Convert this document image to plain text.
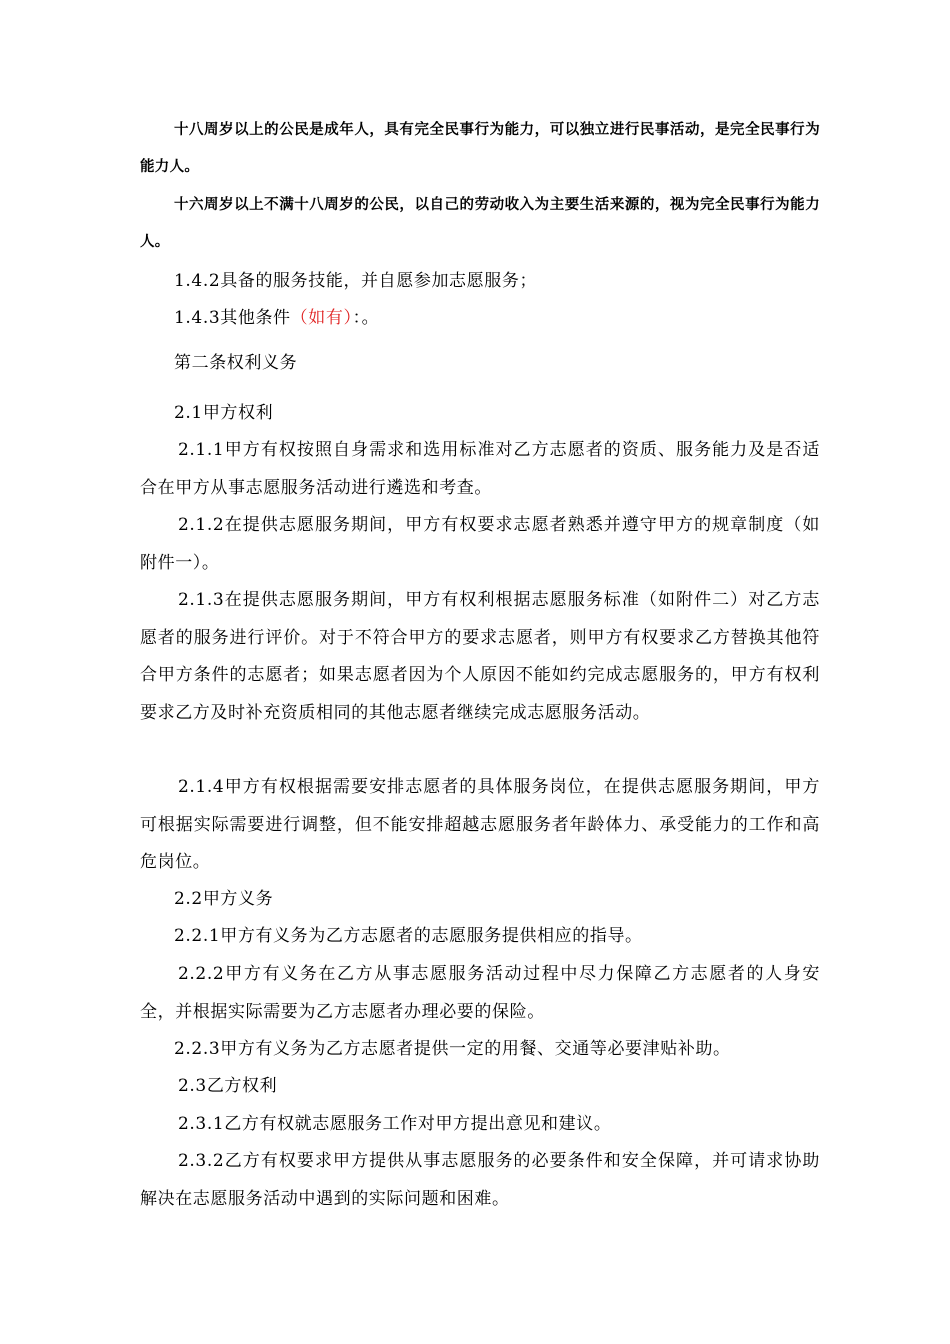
十八周岁以上的公民是成年人，具有完全民事行为能力，可以独立进行民事活动，是完全民事行为能力人。

十六周岁以上不满十八周岁的公民，以自己的劳动收入为主要生活来源的，视为完全民事行为能力人。

1.4.2具备的服务技能，并自愿参加志愿服务；

1.4.3其他条件（如有）：。

第二条权利义务

2.1甲方权利

2.1.1甲方有权按照自身需求和选用标准对乙方志愿者的资质、服务能力及是否适合在甲方从事志愿服务活动进行遴选和考查。

2.1.2在提供志愿服务期间，甲方有权要求志愿者熟悉并遵守甲方的规章制度（如附件一）。

2.1.3在提供志愿服务期间，甲方有权利根据志愿服务标准（如附件二）对乙方志愿者的服务进行评价。对于不符合甲方的要求志愿者，则甲方有权要求乙方替换其他符合甲方条件的志愿者；如果志愿者因为个人原因不能如约完成志愿服务的，甲方有权利要求乙方及时补充资质相同的其他志愿者继续完成志愿服务活动。

2.1.4甲方有权根据需要安排志愿者的具体服务岗位，在提供志愿服务期间，甲方可根据实际需要进行调整，但不能安排超越志愿服务者年龄体力、承受能力的工作和高危岗位。

2.2甲方义务

2.2.1甲方有义务为乙方志愿者的志愿服务提供相应的指导。

2.2.2甲方有义务在乙方从事志愿服务活动过程中尽力保障乙方志愿者的人身安全，并根据实际需要为乙方志愿者办理必要的保险。

2.2.3甲方有义务为乙方志愿者提供一定的用餐、交通等必要津贴补助。

2.3乙方权利

2.3.1乙方有权就志愿服务工作对甲方提出意见和建议。

2.3.2乙方有权要求甲方提供从事志愿服务的必要条件和安全保障，并可请求协助解决在志愿服务活动中遇到的实际问题和困难。
